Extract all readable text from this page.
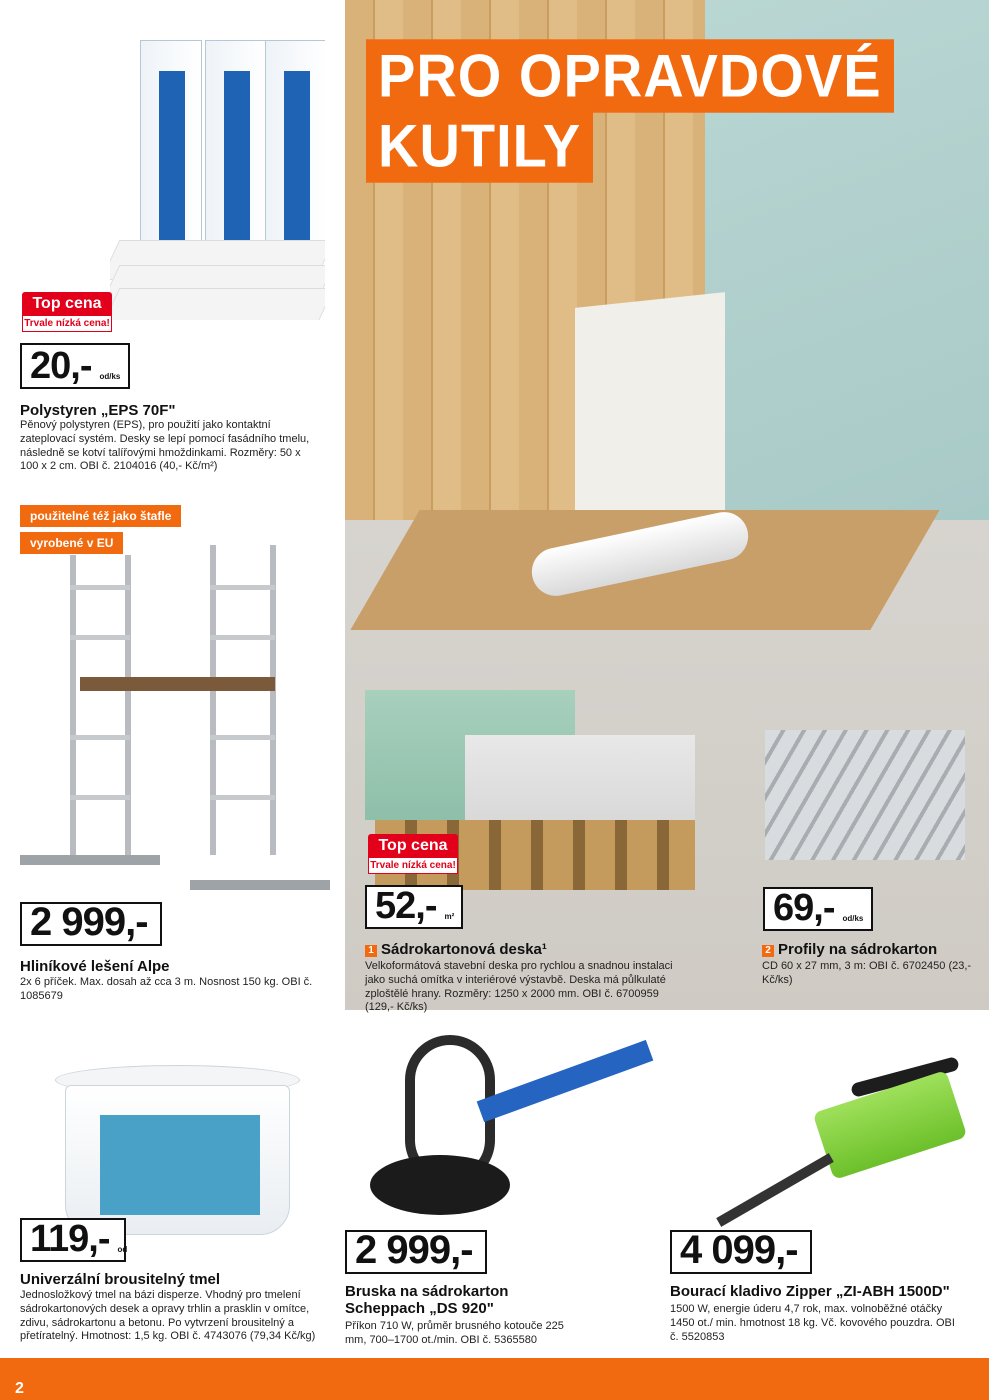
PRO OPRAVDOVÉ
KUTILY
Top cena
Trvale nízká cena!
20,-	od/ks
Polystyren „EPS 70F"
Pěnový polystyren (EPS), pro použití jako kontaktní zateplovací systém. Desky se lepí pomocí fasádního tmelu, následně se kotví talířovými hmoždinkami. Rozměry: 50 x 100 x 2 cm. OBI č. 2104016 (40,- Kč/m²)
použitelné též jako štafle
vyrobené v EU
2 999,-
Hliníkové lešení Alpe
2x 6 příček. Max. dosah až cca 3 m. Nosnost 150 kg. OBI č. 1085679
Top cena
Trvale nízká cena!
52,-	m²
1 Sádrokartonová deska¹
Velkoformátová stavební deska pro rychlou a snadnou instalaci jako suchá omítka v interiérové výstavbě. Deska má půlkulaté zploštělé hrany. Rozměry: 1250 x 2000 mm. OBI č. 6700959 (129,- Kč/ks)
69,-	od/ks
2 Profily na sádrokarton
CD 60 x 27 mm, 3 m: OBI č. 6702450 (23,- Kč/ks)
119,-	od
Univerzální brousitelný tmel
Jednosložkový tmel na bázi disperze. Vhodný pro tmelení sádrokartonových desek a opravy trhlin a prasklin v omítce, zdivu, sádrokartonu a betonu. Po vytvrzení brousitelný a přetíratelný. Hmotnost: 1,5 kg. OBI č. 4743076 (79,34 Kč/kg)
2 999,-
Bruska na sádrokarton Scheppach „DS 920"
Příkon 710 W, průměr brusného kotouče 225 mm, 700–1700 ot./min. OBI č. 5365580
4 099,-
Bourací kladivo Zipper „ZI-ABH 1500D"
1500 W, energie úderu 4,7 rok, max. volnoběžné otáčky 1450 ot./ min. hmotnost 18 kg. Vč. kovového pouzdra. OBI č. 5520853
2
